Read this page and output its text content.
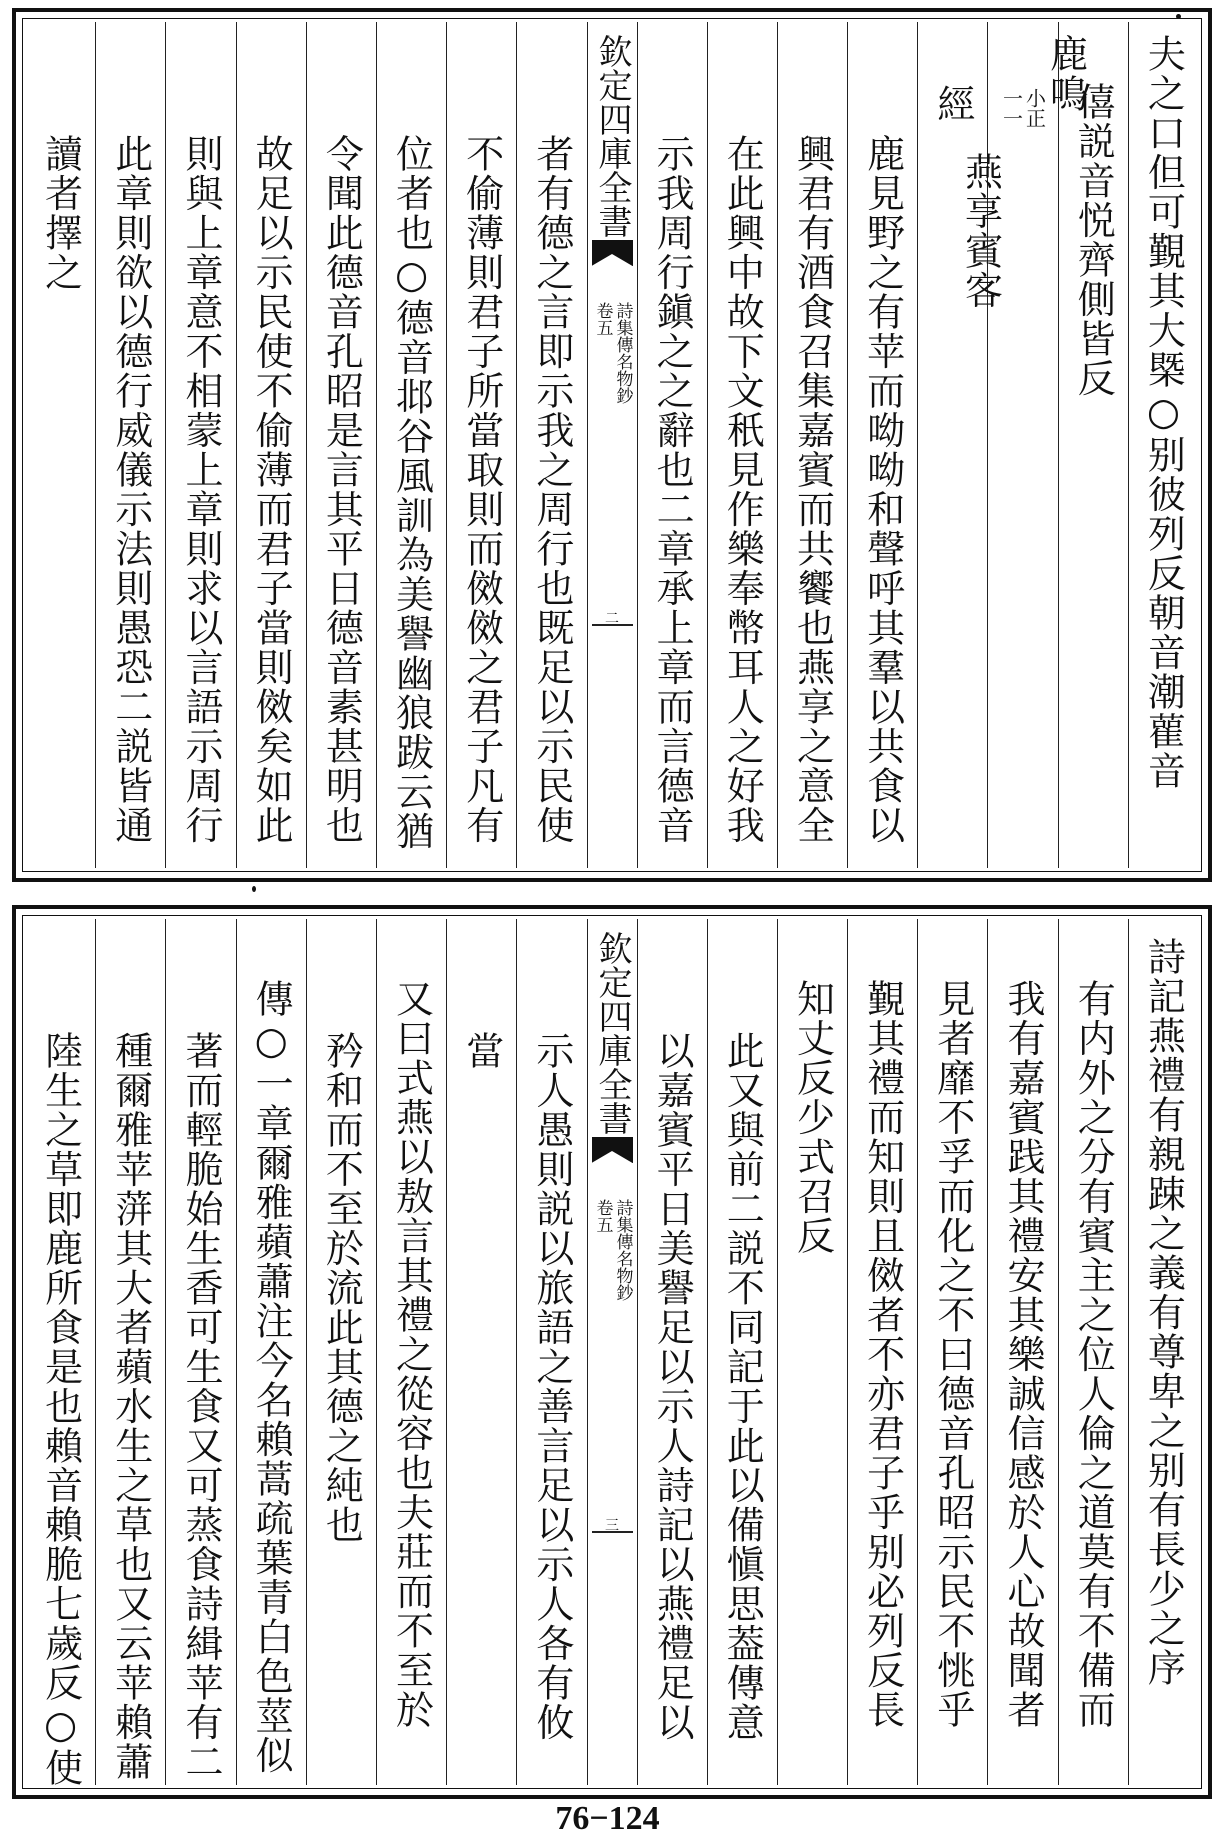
夫之口但可覲其大槩○别彼列反朝音潮雚音
僖説音悦齊側皆反
鹿
鳴
小正
一一
燕享賓客
經
鹿見野之有苹而呦呦和聲呼其羣以共食以
興君有酒食召集嘉賓而共饗也燕享之意全
在此興中故下文秖見作樂奉幣耳人之好我
示我周行鎭之之辭也二章承上章而言德音
欽定四庫全書
詩集傳名物鈔
卷五
二
者有德之言即示我之周行也既足以示民使
不偷薄則君子所當取則而傚傚之君子凡有
位者也○德音邶谷風訓為美譽幽狼跋云猶
令聞此德音孔昭是言其平日德音素甚明也
故足以示民使不偷薄而君子當則傚矣如此
則與上章意不相蒙上章則求以言語示周行
此章則欲以德行威儀示法則愚恐二説皆通
讀者擇之
詩記燕禮有親踈之義有尊卑之别有長少之序
有内外之分有賓主之位人倫之道莫有不備而
我有嘉賓践其禮安其樂誠信感於人心故聞者
見者靡不孚而化之不曰德音孔昭示民不恌乎
覲其禮而知則且傚者不亦君子乎别必列反長
知丈反少式召反
此又與前二説不同記于此以備愼思葢傳意
以嘉賓平日美譽足以示人詩記以燕禮足以
欽定四庫全書
詩集傳名物鈔
卷五
三
示人愚則説以旅語之善言足以示人各有攸
當
又曰式燕以敖言其禮之從容也夫莊而不至於
矜和而不至於流此其德之純也
傳○一章爾雅蘋蕭注今名賴蒿疏葉青白色莖似
著而輕脆始生香可生食又可蒸食詩緝苹有二
種爾雅苹蓱其大者蘋水生之草也又云苹賴蕭
陸生之草即鹿所食是也賴音賴脆七歲反○使
76−124
